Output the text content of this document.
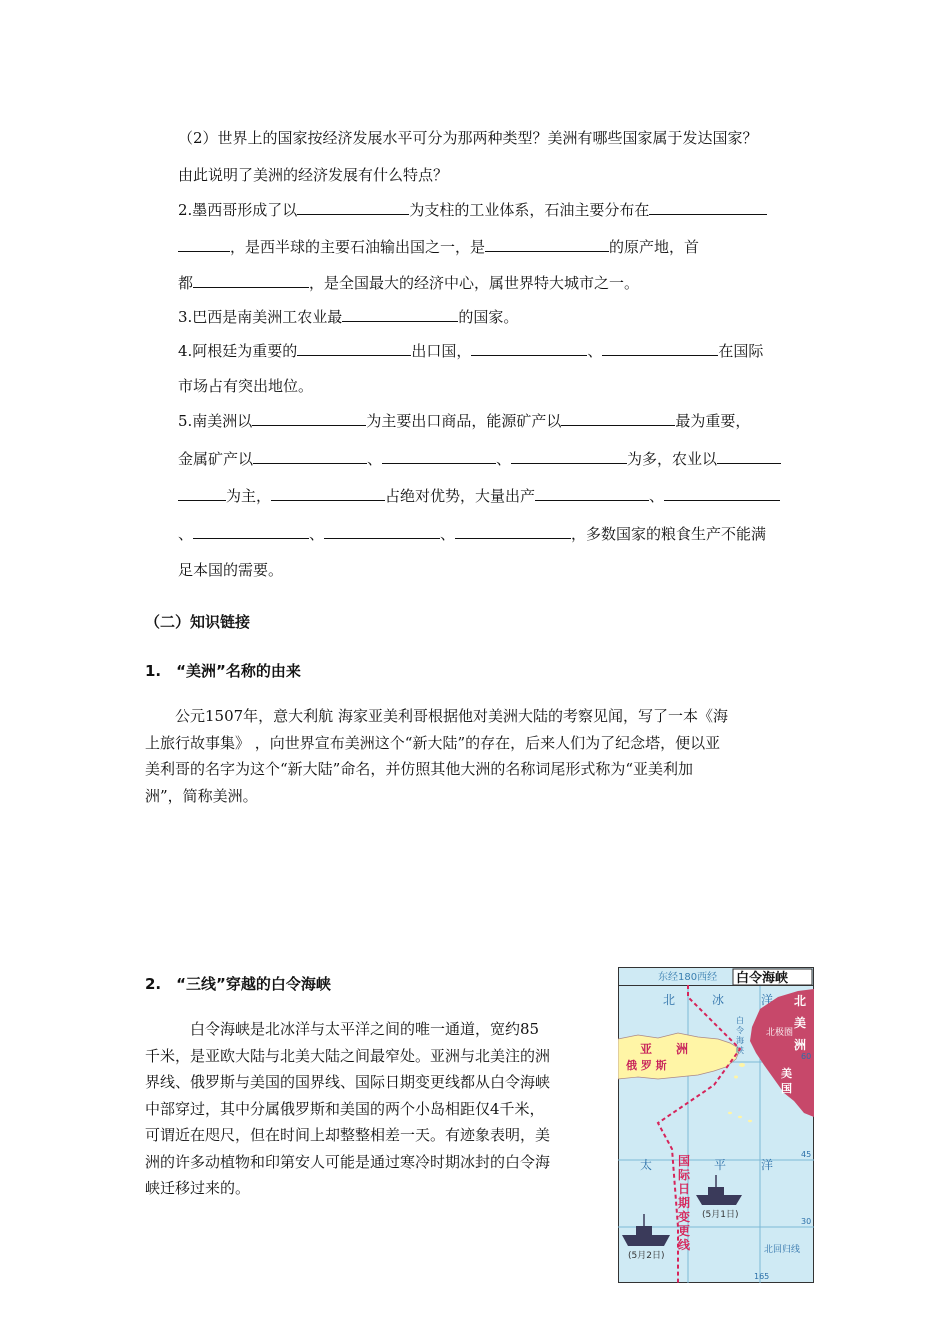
（2）世界上的国家按经济发展水平可分为那两种类型？美洲有哪些国家属于发达国家？
由此说明了美洲的经济发展有什么特点？
2.墨西哥形成了以	为支柱的工业体系，石油主要分布在
，是西半球的主要石油输出国之一，是	的原产地，首
都	，是全国最大的经济中心，属世界特大城市之一。
3.巴西是南美洲工农业最	的国家。
4.阿根廷为重要的	出口国，	、	在国际
市场占有突出地位。
5.南美洲以	为主要出口商品，能源矿产以	最为重要，
金属矿产以	、	、	为多，农业以
为主，	占绝对优势，大量出产	、
、	、	、	，多数国家的粮食生产不能满
足本国的需要。
（二）知识链接
1.　“美洲”名称的由来
　　公元1507年，意大利航 海家亚美利哥根据他对美洲大陆的考察见闻，写了一本《海
上旅行故事集》 ，向世界宣布美洲这个“新大陆”的存在，后来人们为了纪念塔，便以亚
美利哥的名字为这个“新大陆”命名，并仿照其他大洲的名称词尾形式称为“亚美利加
洲”，简称美洲。
2.　“三线”穿越的白令海峡
　　　白令海峡是北冰洋与太平洋之间的唯一通道，宽约85
千米，是亚欧大陆与北美大陆之间最窄处。亚洲与北美注的洲
界线、俄罗斯与美国的国界线、国际日期变更线都从白令海峡
中部穿过，其中分属俄罗斯和美国的两个小岛相距仅4千米，
可谓近在咫尺，但在时间上却整整相差一天。有迹象表明，美
洲的许多动植物和印第安人可能是通过寒冷时期冰封的白令海
峡迁移过来的。
东经180西经 白令海峡
北	冰	洋
亚　　洲
俄 罗 斯
北
美
洲
北极圈
美
国
白
令
海
峡
60
45
30
165
国
际
日
期
变
更
线
太	平	洋
(5月1日)
(5月2日)
北回归线
